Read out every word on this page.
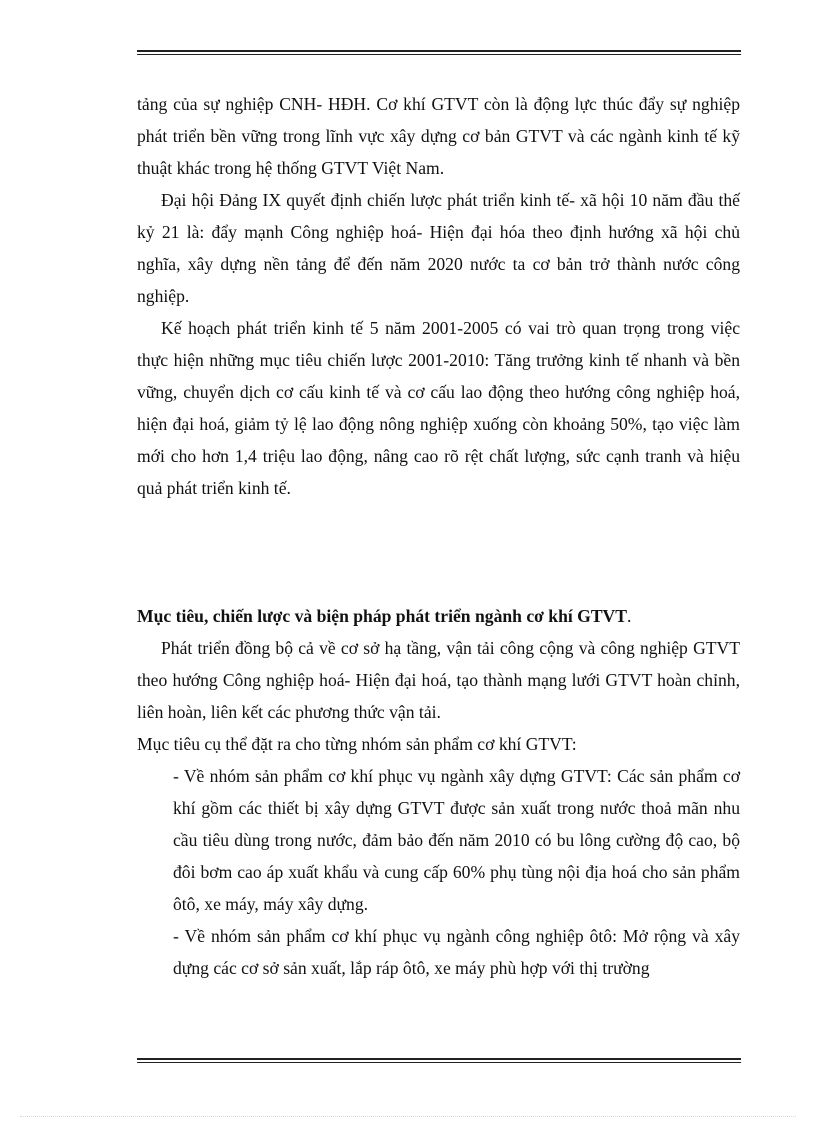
tảng của sự nghiệp CNH- HĐH. Cơ khí GTVT còn là động lực thúc đẩy sự nghiệp phát triển bền vững trong lĩnh vực xây dựng cơ bản GTVT và các ngành kinh tế kỹ thuật khác trong hệ thống GTVT Việt Nam.

Đại hội Đảng IX quyết định chiến lược phát triển kinh tế- xã hội 10 năm đầu thế kỷ 21 là: đẩy mạnh Công nghiệp hoá- Hiện đại hóa theo định hướng xã hội chủ nghĩa, xây dựng nền tảng để đến năm 2020 nước ta cơ bản trở thành nước công nghiệp.

Kế hoạch phát triển kinh tế 5 năm 2001-2005 có vai trò quan trọng trong việc thực hiện những mục tiêu chiến lược 2001-2010: Tăng trưởng kinh tế nhanh và bền vững, chuyển dịch cơ cấu kinh tế và cơ cấu lao động theo hướng công nghiệp hoá, hiện đại hoá, giảm tỷ lệ lao động nông nghiệp xuống còn khoảng 50%, tạo việc làm mới cho hơn 1,4 triệu lao động, nâng cao rõ rệt chất lượng, sức cạnh tranh và hiệu quả phát triển kinh tế.

Mục tiêu, chiến lược và biện pháp phát triển ngành cơ khí GTVT.

Phát triển đồng bộ cả về cơ sở hạ tầng, vận tải công cộng và công nghiệp GTVT theo hướng Công nghiệp hoá- Hiện đại hoá, tạo thành mạng lưới GTVT hoàn chỉnh, liên hoàn, liên kết các phương thức vận tải.

Mục tiêu cụ thể đặt ra cho từng nhóm sản phẩm cơ khí GTVT:

- Về nhóm sản phẩm cơ khí phục vụ ngành xây dựng GTVT: Các sản phẩm cơ khí gồm các thiết bị xây dựng GTVT được sản xuất trong nước thoả mãn nhu cầu tiêu dùng trong nước, đảm bảo đến năm 2010 có bu lông cường độ cao, bộ đôi bơm cao áp xuất khẩu và cung cấp 60% phụ tùng nội địa hoá cho sản phẩm ôtô, xe máy, máy xây dựng.

- Về nhóm sản phẩm cơ khí phục vụ ngành công nghiệp ôtô: Mở rộng và xây dựng các cơ sở sản xuất, lắp ráp ôtô, xe máy phù hợp với thị trường
